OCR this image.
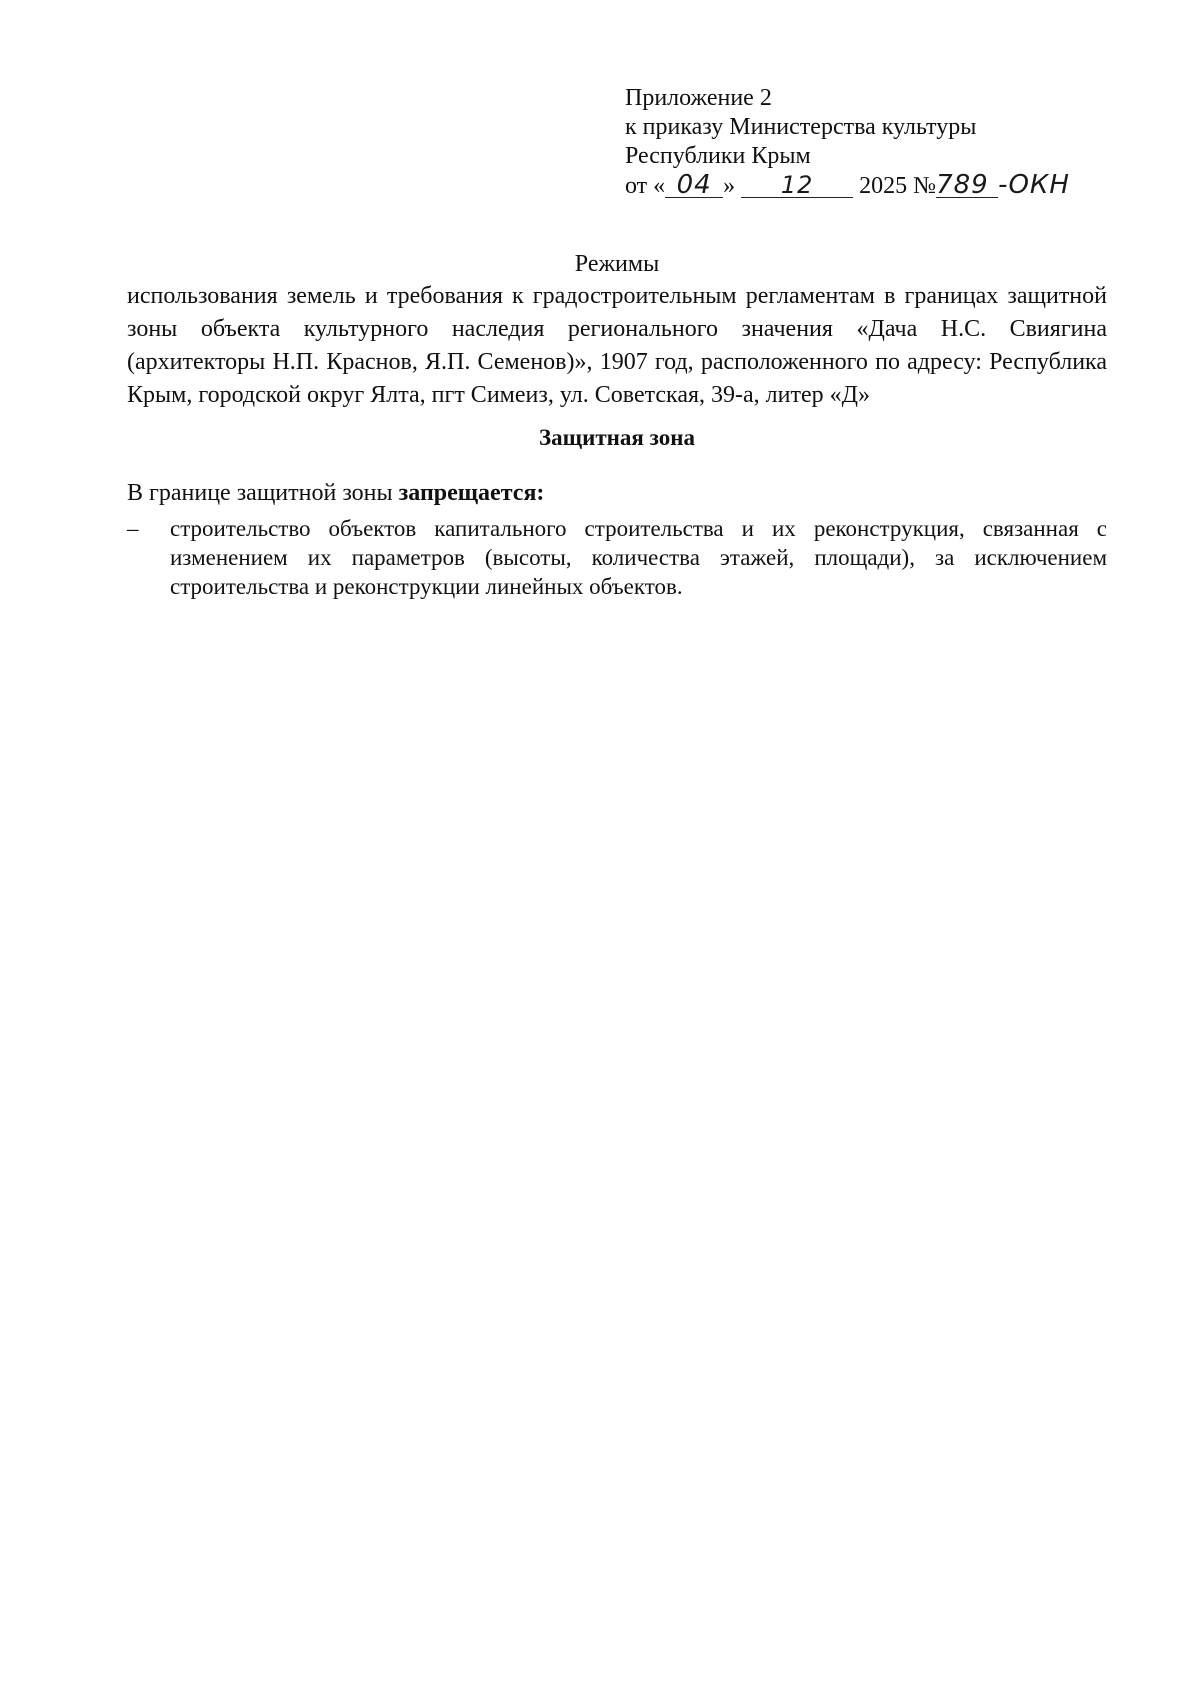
Приложение 2
к приказу Министерства культуры
Республики Крым
от « 04 » 12 2025 №789 -ОКН
Режимы
использования земель и требования к градостроительным регламентам в границах защитной зоны объекта культурного наследия регионального значения «Дача Н.С. Свиягина (архитекторы Н.П. Краснов, Я.П. Семенов)», 1907 год, расположенного по адресу: Республика Крым, городской округ Ялта, пгт Симеиз, ул. Советская, 39-а, литер «Д»
Защитная зона
В границе защитной зоны запрещается:
–	строительство объектов капитального строительства и их реконструкция, связанная с изменением их параметров (высоты, количества этажей, площади), за исключением строительства и реконструкции линейных объектов.
